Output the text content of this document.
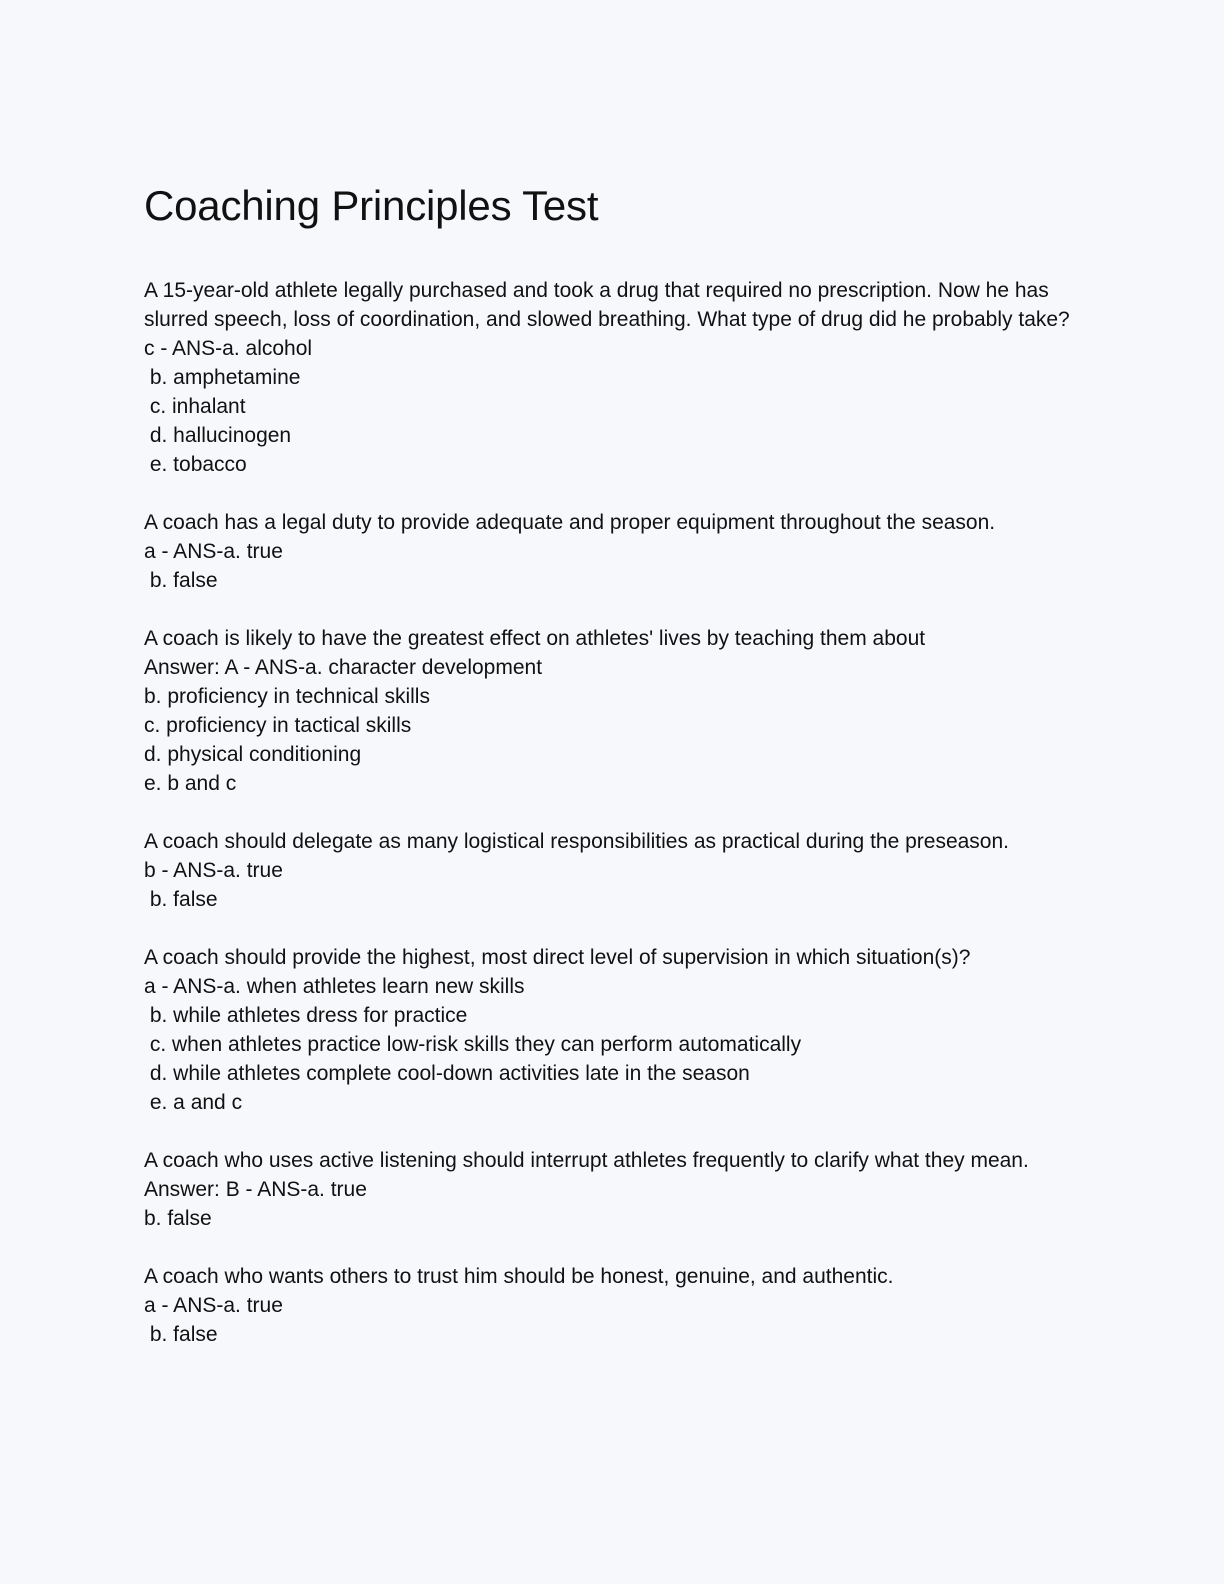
Coaching Principles Test

A 15-year-old athlete legally purchased and took a drug that required no prescription. Now he has slurred speech, loss of coordination, and slowed breathing. What type of drug did he probably take?

c - ANS-a. alcohol

b. amphetamine

c. inhalant

d. hallucinogen

e. tobacco

A coach has a legal duty to provide adequate and proper equipment throughout the season.

a - ANS-a. true

b. false

A coach is likely to have the greatest effect on athletes' lives by teaching them about

Answer: A - ANS-a. character development

b. proficiency in technical skills

c. proficiency in tactical skills

d. physical conditioning

e. b and c

A coach should delegate as many logistical responsibilities as practical during the preseason.

b - ANS-a. true

b. false

A coach should provide the highest, most direct level of supervision in which situation(s)?

a - ANS-a. when athletes learn new skills

b. while athletes dress for practice

c. when athletes practice low-risk skills they can perform automatically

d. while athletes complete cool-down activities late in the season

e. a and c

A coach who uses active listening should interrupt athletes frequently to clarify what they mean.

Answer: B - ANS-a. true

b. false

A coach who wants others to trust him should be honest, genuine, and authentic.

a - ANS-a. true

b. false
